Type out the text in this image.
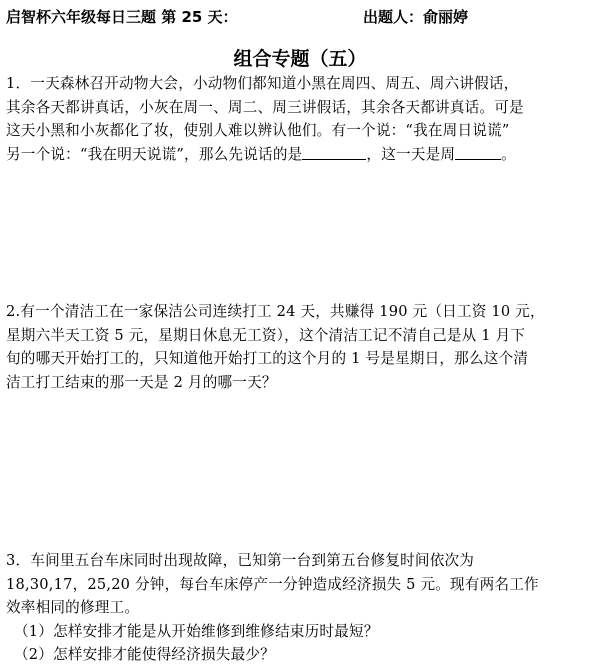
启智杯六年级每日三题 第 25 天：	出题人：俞丽婷
组合专题（五）
1．一天森林召开动物大会，小动物们都知道小黑在周四、周五、周六讲假话，
其余各天都讲真话，小灰在周一、周二、周三讲假话，其余各天都讲真话。可是
这天小黑和小灰都化了妆，使别人难以辨认他们。有一个说：“我在周日说谎”
另一个说：“我在明天说谎”，那么先说话的是	，这一天是周	。
2.有一个清洁工在一家保洁公司连续打工 24 天，共赚得 190 元（日工资 10 元，
星期六半天工资 5 元，星期日休息无工资），这个清洁工记不清自己是从 1 月下
旬的哪天开始打工的，只知道他开始打工的这个月的 1 号是星期日，那么这个清
洁工打工结束的那一天是 2 月的哪一天？
3．车间里五台车床同时出现故障，已知第一台到第五台修复时间依次为
18,30,17，25,20 分钟，每台车床停产一分钟造成经济损失 5 元。现有两名工作
效率相同的修理工。
（1）怎样安排才能是从开始维修到维修结束历时最短？
（2）怎样安排才能使得经济损失最少？
